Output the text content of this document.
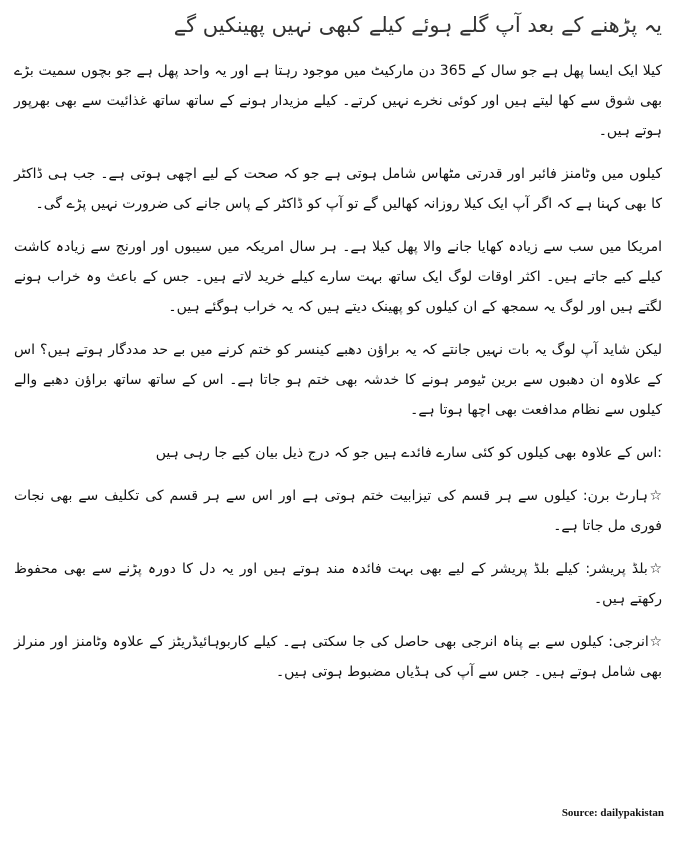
یہ پڑھنے کے بعد آپ گلے ہوئے کیلے کبھی نہیں پھینکیں گے

کیلا ایک ایسا پھل ہے جو سال کے 365 دن مارکیٹ میں موجود رہتا ہے اور یہ واحد پھل ہے جو بچوں سمیت بڑے بھی شوق سے کھا لیتے ہیں اور کوئی نخرے نہیں کرتے۔ کیلے مزیدار ہونے کے ساتھ ساتھ غذائیت سے بھی بھرپور ہوتے ہیں۔

کیلوں میں وٹامنز فائبر اور قدرتی مٹھاس شامل ہوتی ہے جو کہ صحت کے لیے اچھی ہوتی ہے۔ جب ہی ڈاکٹر کا بھی کہنا ہے کہ اگر آپ ایک کیلا روزانہ کھالیں گے تو آپ کو ڈاکٹر کے پاس جانے کی ضرورت نہیں پڑے گی۔

امریکا میں سب سے زیادہ کھایا جانے والا پھل کیلا ہے۔ ہر سال امریکہ میں سیبوں اور اورنج سے زیادہ کاشت کیلے کیے جاتے ہیں۔ اکثر اوقات لوگ ایک ساتھ بہت سارے کیلے خرید لاتے ہیں۔ جس کے باعث وہ خراب ہونے لگتے ہیں اور لوگ یہ سمجھ کے ان کیلوں کو پھینک دیتے ہیں کہ یہ خراب ہوگئے ہیں۔

لیکن شاید آپ لوگ یہ بات نہیں جانتے کہ یہ براؤن دھبے کینسر کو ختم کرنے میں بے حد مددگار ہوتے ہیں؟ اس کے علاوہ ان دھبوں سے برین ٹیومر ہونے کا خدشہ بھی ختم ہو جاتا ہے۔ اس کے ساتھ ساتھ براؤن دھبے والے کیلوں سے نظام مدافعت بھی اچھا ہوتا ہے۔

:اس کے علاوہ بھی کیلوں کو کئی سارے فائدے ہیں جو کہ درج ذیل بیان کیے جا رہی ہیں

☆ہارٹ برن: کیلوں سے ہر قسم کی تیزابیت ختم ہوتی ہے اور اس سے ہر قسم کی تکلیف سے بھی نجات فوری مل جاتا ہے۔

☆بلڈ پریشر: کیلے بلڈ پریشر کے لیے بھی بہت فائدہ مند ہوتے ہیں اور یہ دل کا دورہ پڑنے سے بھی محفوظ رکھتے ہیں۔

☆انرجی: کیلوں سے بے پناہ انرجی بھی حاصل کی جا سکتی ہے۔ کیلے کاربوہائیڈریٹز کے علاوہ وٹامنز اور منرلز بھی شامل ہوتے ہیں۔ جس سے آپ کی ہڈیاں مضبوط ہوتی ہیں۔

Source: dailypakistan
